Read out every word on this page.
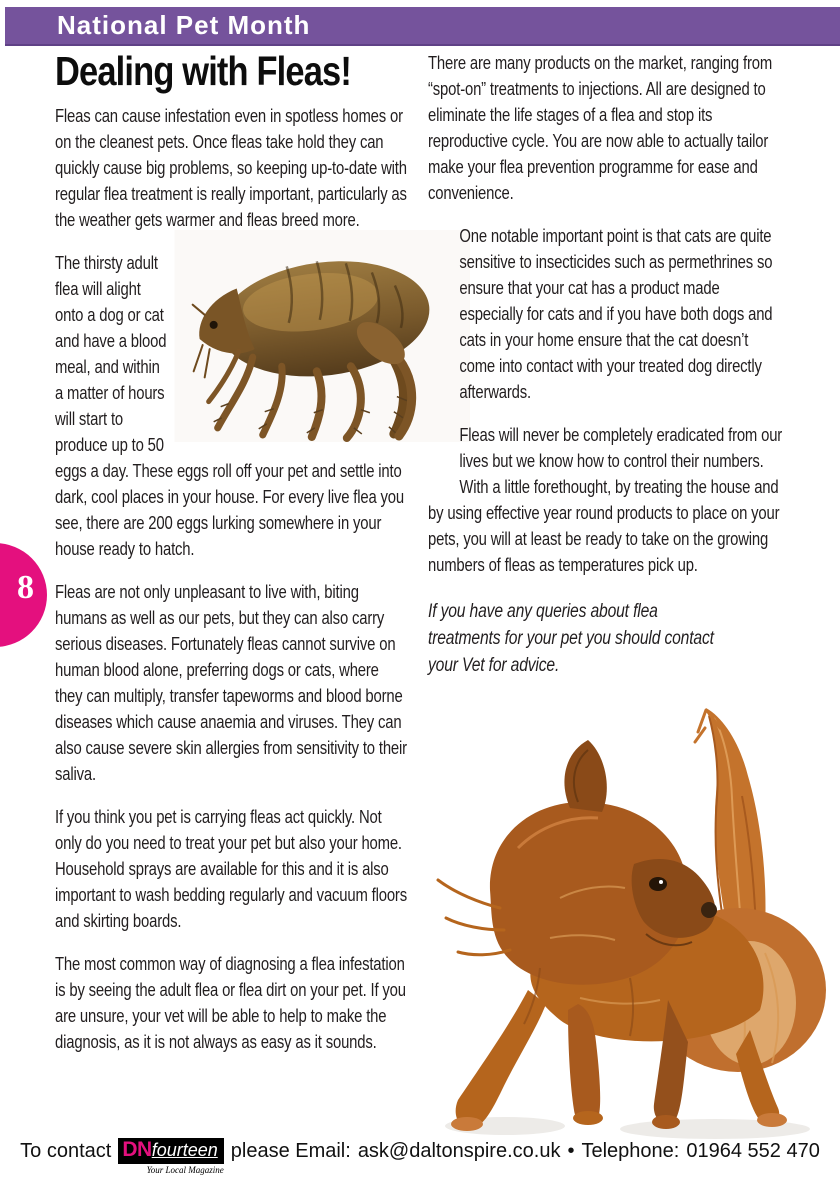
National Pet Month
Dealing with Fleas!
Fleas can cause infestation even in spotless homes or on the cleanest pets. Once fleas take hold they can quickly cause big problems, so keeping up-to-date with regular flea treatment is really important, particularly as the weather gets warmer and fleas breed more.
The thirsty adult flea will alight onto a dog or cat and have a blood meal, and within a matter of hours will start to produce up to 50 eggs a day. These eggs roll off your pet and settle into dark, cool places in your house. For every live flea you see, there are 200 eggs lurking somewhere in your house ready to hatch.
Fleas are not only unpleasant to live with, biting humans as well as our pets, but they can also carry serious diseases. Fortunately fleas cannot survive on human blood alone, preferring dogs or cats, where they can multiply, transfer tapeworms and blood borne diseases which cause anaemia and viruses. They can also cause severe skin allergies from sensitivity to their saliva.
If you think you pet is carrying fleas act quickly. Not only do you need to treat your pet but also your home. Household sprays are available for this and it is also important to wash bedding regularly and vacuum floors and skirting boards.
The most common way of diagnosing a flea infestation is by seeing the adult flea or flea dirt on your pet. If you are unsure, your vet will be able to help to make the diagnosis, as it is not always as easy as it sounds.
There are many products on the market, ranging from “spot-on” treatments to injections. All are designed to eliminate the life stages of a flea and stop its reproductive cycle. You are now able to actually tailor make your flea prevention programme for ease and convenience.
One notable important point is that cats are quite sensitive to insecticides such as permethrines so ensure that your cat has a product made especially for cats and if you have both dogs and cats in your home ensure that the cat doesn’t come into contact with your treated dog directly afterwards.
Fleas will never be completely eradicated from our lives but we know how to control their numbers. With a little forethought, by treating the house and by using effective year round products to place on your pets, you will at least be ready to take on the growing numbers of fleas as temperatures pick up.
If you have any queries about flea treatments for your pet you should contact your Vet for advice.
8
To contact DNfourteen
Your Local Magazine
please Email: ask@daltonspire.co.uk • Telephone: 01964 552 470
